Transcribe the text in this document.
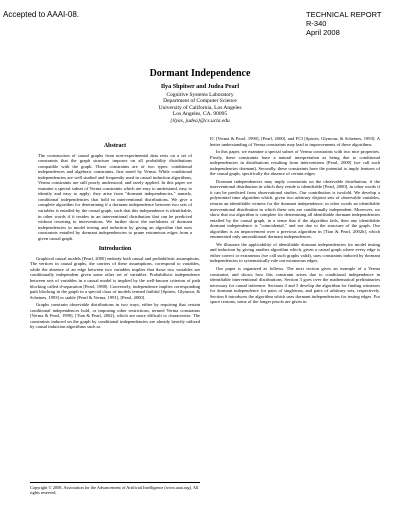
Accepted to AAAI-08.	TECHNICAL REPORT
R-340
April 2008
Dormant Independence
Ilya Shpitser and Judea Pearl
Cognitive Systems Laboratory
Department of Computer Science
University of California, Los Angeles
Los Angeles, CA. 90095
{ilyas, judea}@cs.ucla.edu
Abstract
The construction of causal graphs from non-experimental data rests on a set of constraints that the graph structure imposes on all probability distributions compatible with the graph. These constraints are of two types: conditional independences and algebraic constraints, first noted by Verma. While conditional independencies are well studied and frequently used in causal induction algorithms, Verma constraints are still poorly understood, and rarely applied. In this paper we examine a special subset of Verma constraints which are easy to understand, easy to identify and easy to apply; they arise from "dormant independencies," namely, conditional independencies that hold in interventional distributions. We give a complete algorithm for determining if a dormant independence between two sets of variables is entailed by the causal graph, such that this independence is identifiable, in other words if it resides in an interventional distribution that can be predicted without resorting to interventions. We further show the usefulness of dormant independencies in model testing and induction by giving an algorithm that uses constraints entailed by dormant independencies to prune extraneous edges from a given causal graph.
Introduction

Graphical causal models [Pearl, 2000] embody both causal and probabilistic assumptions. The vertices in causal graphs, the carriers of these assumptions, correspond to variables, while the absence of an edge between two variables implies that those two variables are conditionally independent given some other set of variables. Probabilistic independence between sets of variables in a causal model is implied by the well-known criterion of path blocking called d-separation [Pearl, 1988]. Conversely, independence implies corresponding path blocking in the graph in a special class of models termed faithful [Spirtes, Glymour, & Scheines, 1993] or stable [Pearl & Verma, 1991], [Pearl, 2000].

Graphs constrain observable distributions in two ways, either by requiring that certain conditional independences hold, or imposing other restrictions, termed Verma constraints [Verma & Pearl, 1990], [Tian & Pearl, 2002], which are more difficult to characterize. The constraints induced on the graph by conditional independencies are already heavily utilized by causal induction algorithms such as

Copyright © 2008, Association for the Advancement of Artificial Intelligence (www.aaai.org). All rights reserved.

IC [Verma & Pearl, 1990], [Pearl, 2000], and FCI [Spirtes, Glymour, & Scheines, 1993]. A better understanding of Verma constraints may lead to improvements of these algorithms.

In this paper, we examine a special subset of Verma constraints with two nice properties. Firstly, these constraints have a natural interpretation as being due to conditional independencies in distributions resulting from interventions [Pearl, 2000] (we call such independencies dormant). Secondly, these constraints have the potential to imply features of the causal graph, specifically the absence of certain edges.

Dormant independencies may imply constraints on the observable distribution, if the interventional distribution in which they reside is identifiable [Pearl, 2000], in other words if it can be predicted from observational studies. Our contribution is twofold. We develop a polynomial time algorithm which, given two arbitrary disjoint sets of observable variables, returns an identifiable witness for the dormant independence, in other words an identifiable interventional distribution in which these sets are conditionally independent. Moreover, we show that our algorithm is complete for determining all identifiable dormant independencies entailed by the causal graph, in a sense that if the algorithm fails, then any identifiable dormant independence is "coincidental," and not due to the structure of the graph. Our algorithm is an improvement over a previous algorithm in [Tian & Pearl, 2002b], which enumerated only unconditional dormant independences.

We illustrate the applicability of identifiable dormant independencies for model testing and induction by giving another algorithm which, given a causal graph where every edge is either correct or extraneous (we call such graphs valid), uses constraints induced by dormant independencies to systematically rule out extraneous edges.

Our paper is organized as follows. The next section gives an example of a Verma constraint, and shows how this constraint arises due to conditional independence in identifiable interventional distributions. Section 3 goes over the mathematical preliminaries necessary for causal inference. Sections 4 and 5 develop the algorithm for finding witnesses for dormant independence for pairs of singletons, and pairs of arbitrary sets, respectively. Section 6 introduces the algorithm which uses dormant independencies for testing edges. For space reasons, some of the longer proofs are given in
